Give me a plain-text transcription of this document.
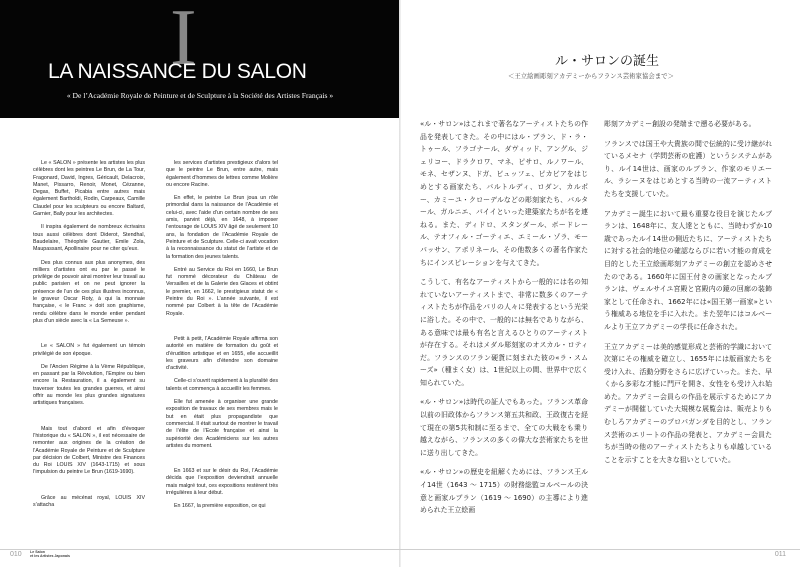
I
LA NAISSANCE DU SALON
« De l’Académie Royale de Peinture et de Sculpture à la Société des Artistes Français »

Le « SALON » présente les artistes les plus célèbres dont les peintres Le Brun, de La Tour, Fragonard, David, Ingres, Géricault, Delacroix, Manet, Pissarro, Renoir, Monet, Cézanne, Degas, Buffet, Picabia entre autres mais également Bartholdi, Rodin, Carpeaux, Camille Claudel pour les sculpteurs ou encore Baltard, Garnier, Bally pour les architectes.

Il inspira également de nombreux écrivains tous aussi célèbres dont Diderot, Stendhal, Baudelaire, Théophile Gautier, Emile Zola, Maupassant, Apollinaire pour ne citer qu’eux.

Des plus connus aux plus anonymes, des milliers d’artistes ont eu par le passé le privilège de pouvoir ainsi montrer leur travail au public parisien et on ne peut ignorer la présence de l’un de ces plus illustres inconnus, le graveur Oscar Roty, à qui la monnaie française, « le Franc » doit son graphisme, rendu célèbre dans le monde entier pendant plus d’un siècle avec la « La Semeuse ».

Le « SALON » fut également un témoin privilégié de son époque.

De l’Ancien Régime à la Vème République, en passant par la Révolution, l’Empire ou bien encore la Restauration, il a également su traverser toutes les grandes guerres, et ainsi offrir au monde les plus grandes signatures artistiques françaises.

Mais tout d’abord et afin d’évoquer l’historique du « SALON », il est nécessaire de remonter aux origines de la création de l’Académie Royale de Peinture et de Sculpture par décision de Colbert, Ministre des Finances du Roi LOUIS XIV (1643-1715) et sous l’impulsion du peintre Le Brun (1619-1690).

Grâce au mécénat royal, LOUIS XIV s’attacha

les services d’artistes prestigieux d’alors tel que le peintre Le Brun, entre autre, mais également d’hommes de lettres comme Molière ou encore Racine.

En effet, le peintre Le Brun joua un rôle primordial dans la naissance de l’Académie et celui-ci, avec l’aide d’un certain nombre de ses amis, parvint déjà, en 1648, à imposer l’entourage de LOUIS XIV âgé de seulement 10 ans, la fondation de l’Académie Royale de Peinture et de Sculpture. Celle-ci avait vocation à la reconnaissance du statut de l’artiste et de la formation des jeunes talents.

Entré au Service du Roi en 1660, Le Brun fut nommé décorateur du Château de Versailles et de la Galerie des Glaces et obtint le premier, en 1662, le prestigieux statut de « Peintre du Roi ». L’année suivante, il est nommé par Colbert à la tête de l’Académie Royale.

Petit à petit, l’Académie Royale affirma son autorité en matière de formation du goût et d’érudition artistique et en 1655, elle accueillit les graveurs afin d’étendre son domaine d’activité.

Celle-ci s’ouvrit rapidement à la pluralité des talents et commença à accueillir les femmes.

Elle fut amenée à organiser une grande exposition de travaux de ses membres mais le but en était plus propagandiste que commercial. Il était surtout de montrer le travail de l’élite de l’Ecole française et ainsi la supériorité des Académiciens sur les autres artistes du moment.

En 1663 et sur le désir du Roi, l’Académie décida que l’exposition deviendrait annuelle mais malgré tout, ces expositions restèrent très irrégulières à leur début.

En 1667, la première exposition, ce qui

Le Salon
et les Artistes Japonais
010
ル・サロンの誕生
＜王立絵画彫刻アカデミーからフランス芸術家協会まで＞

«ル・サロン»はこれまで著名なアーティストたちの作品を発表してきた。その中にはル・ブラン、ド・ラ・トゥール、フラゴナール、ダヴィッド、アングル、ジェリコー、ドラクロワ、マネ、ピサロ、ルノワール、モネ、セザンヌ、ドガ、ビュッフェ、ピカビアをはじめとする画家たち、バルトルディ、ロダン、カルポー、カミーユ・クローデルなどの彫刻家たち、バルタール、ガルニエ、バイイといった建築家たちが名を連ねる。また、ディドロ、スタンダール、ボードレール、テオフィル・ゴーティエ、エミール・ゾラ、モーパッサン、アポリネール、その他数多くの著名作家たちにインスピレーションを与えてきた。

こうして、有名なアーティストから一般的には名の知れていないアーティストまで、非常に数多くのアーティストたちが作品をパリの人々に発表するという光栄に浴した。その中で、一般的には無名でありながら、ある意味では最も有名と言えるひとりのアーティストが存在する。それはメダル彫刻家のオスカル・ロティだ。フランスのフラン硬貨に刻まれた彼の«ラ・スムーズ»（種まく女）は、1世紀以上の間、世界中で広く知られていた。

«ル・サロン»は時代の証人でもあった。フランス革命以前の旧政体からフランス第五共和政、王政復古を経て現在の第5共和制に至るまで、全ての大戦をも乗り越えながら、フランスの多くの偉大な芸術家たちを世に送り出してきた。

«ル・サロン»の歴史を紐解くためには、フランス王ルイ14世（1643 ～ 1715）の財務総監コルベールの決意と画家ルブラン（1619 ～ 1690）の主導により進められた王立絵画

彫刻アカデミー創設の発端まで遡る必要がある。

フランスでは国王や大貴族の間で伝統的に受け継がれているメセナ（学問芸術の庇護）というシステムがあり、ルイ14世は、画家のルブラン、作家のモリエール、ラシーヌをはじめとする当時の一流アーティストたちを支援していた。

アカデミー誕生において最も重要な役目を演じたルブランは、1648年に、友人達とともに、当時わずか10歳であったルイ14世の側近たちに、アーティストたちに対する社会的地位の確認ならびに若い才能の育成を目的とした王立絵画彫刻アカデミーの創立を認めさせたのである。1660年に国王付きの画家となったルブランは、ヴェルサイユ宮殿と宮殿内の鏡の回廊の装飾家として任命され、1662年には«国王第一画家»という権威ある地位を手に入れた。また翌年にはコルベールより王立アカデミーの学長に任命された。

王立アカデミーは美的感覚形成と芸術的学識において次第にその権威を確立し、1655年には版画家たちを受け入れ、活動分野をさらに広げていった。また、早くから多彩な才能に門戸を開き、女性をも受け入れ始めた。アカデミー会員らの作品を展示するためにアカデミーが開催していた大規模な展覧会は、販売よりもむしろアカデミーのプロパガンダを目的とし、フランス芸術のエリートの作品の発表と、アカデミー会員たちが当時の他のアーティストたちよりも卓越していることを示すことを大きな狙いとしていた。

011
